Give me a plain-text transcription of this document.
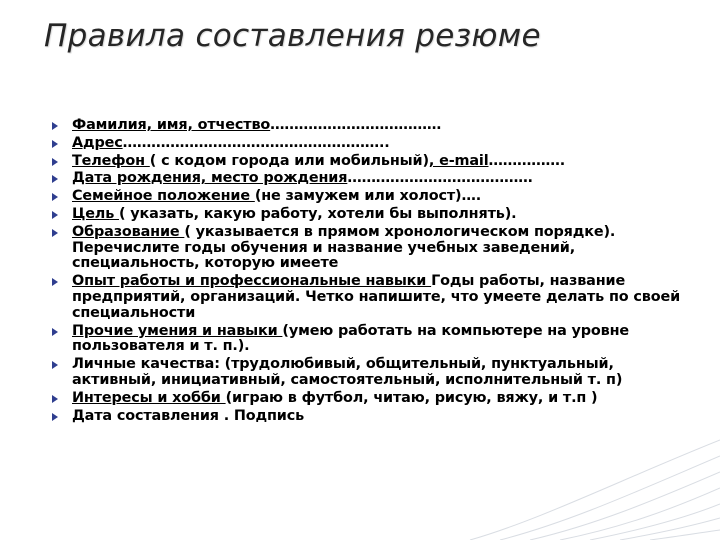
Правила составления резюме
Фамилия, имя, отчество………………………………
Адрес………………………………………………..
Телефон ( с кодом города или мобильный), e-mail…………….
Дата рождения, место рождения…………………………………
Семейное положение (не замужем или холост)….
Цель ( указать, какую работу, хотели бы выполнять).
Образование ( указывается в прямом хронологическом порядке). Перечислите годы обучения и название учебных заведений, специальность, которую имеете
Опыт работы и профессиональные навыки Годы работы, название предприятий, организаций. Четко напишите, что умеете делать по своей специальности
Прочие умения и навыки (умею работать на компьютере на уровне пользователя и т. п.).
Личные качества: (трудолюбивый, общительный, пунктуальный, активный, инициативный, самостоятельный, исполнительный т. п)
Интересы и хобби (играю в футбол, читаю, рисую, вяжу, и т.п )
Дата составления . Подпись
